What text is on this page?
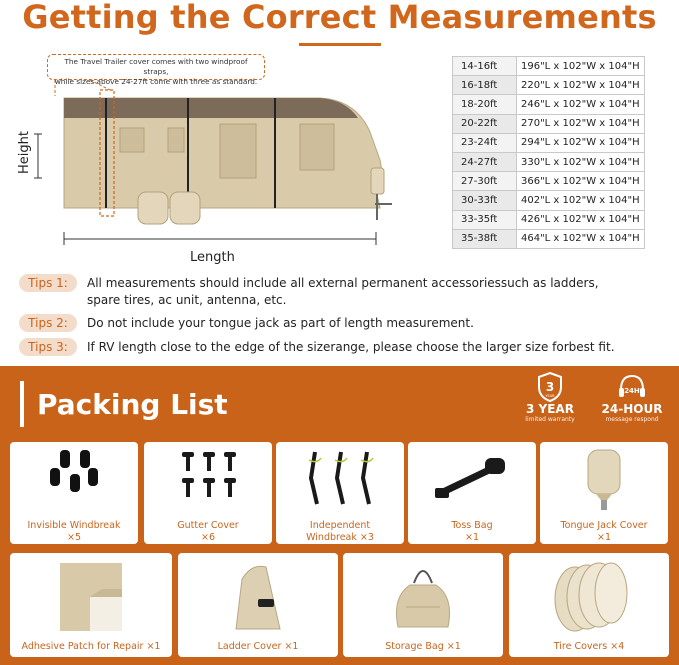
Getting the Correct Measurements
The Travel Trailer cover comes with two windproof straps,
while sizes above 24-27ft come with three as standard.
Height
Length
14-16ft	196"L x 102"W x 104"H
16-18ft	220"L x 102"W x 104"H
18-20ft	246"L x 102"W x 104"H
20-22ft	270"L x 102"W x 104"H
23-24ft	294"L x 102"W x 104"H
24-27ft	330"L x 102"W x 104"H
27-30ft	366"L x 102"W x 104"H
30-33ft	402"L x 102"W x 104"H
33-35ft	426"L x 102"W x 104"H
35-38ft	464"L x 102"W x 104"H
Tips 1:	All measurements should include all external permanent accessoriessuch as ladders,
spare tires, ac unit, antenna, etc.
Tips 2:	Do not include your tongue jack as part of length measurement.
Tips 3:	If RV length close to the edge of the sizerange, please choose the larger size forbest fit.
Packing List
3
YEAR
3 YEAR
limited warranty
24H
24-HOUR
message respond
Invisible Windbreak
×5
Gutter Cover
×6
Independent
Windbreak ×3
Toss Bag
×1
Tongue Jack Cover
×1
Adhesive Patch for Repair ×1	Ladder Cover ×1	Storage Bag ×1	Tire Covers ×4
